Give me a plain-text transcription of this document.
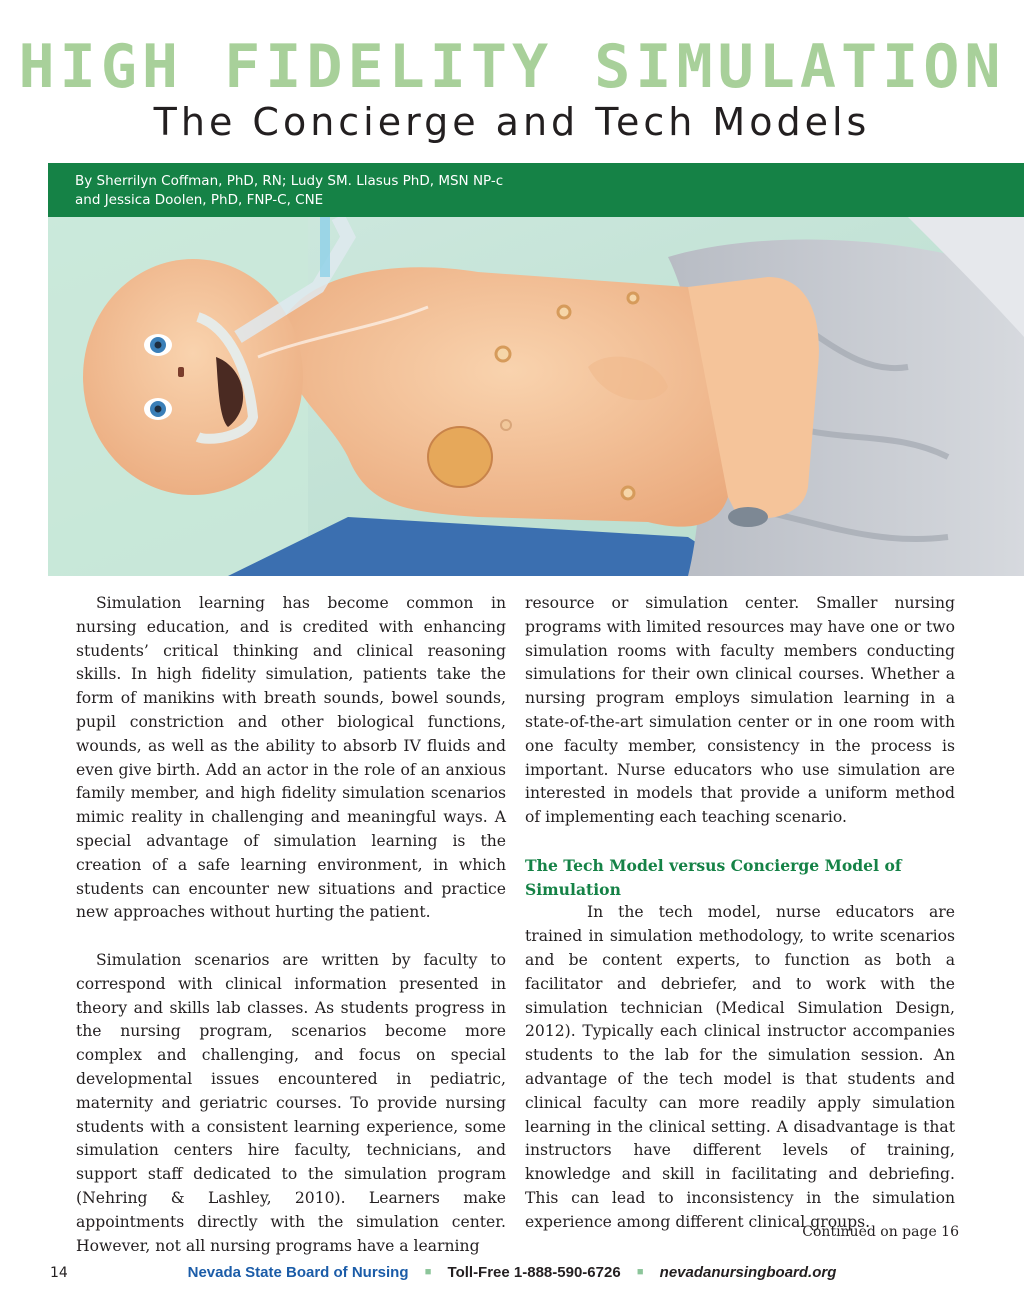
HIGH FIDELITY SIMULATION
The Concierge and Tech Models
By Sherrilyn Coffman, PhD, RN; Ludy SM. Llasus PhD, MSN NP-c
and Jessica Doolen, PhD, FNP-C, CNE

Simulation learning has become common in nursing education, and is credited with enhancing students’ critical thinking and clinical reasoning skills. In high fidelity simulation, patients take the form of manikins with breath sounds, bowel sounds, pupil constriction and other biological functions, wounds, as well as the ability to absorb IV fluids and even give birth. Add an actor in the role of an anxious family member, and high fidelity simulation scenarios mimic reality in challenging and meaningful ways. A special advantage of simulation learning is the creation of a safe learning environment, in which students can encounter new situations and practice new approaches without hurting the patient.

Simulation scenarios are written by faculty to correspond with clinical information presented in theory and skills lab classes. As students progress in the nursing program, scenarios become more complex and challenging, and focus on special developmental issues encountered in pediatric, maternity and geriatric courses. To provide nursing students with a consistent learning experience, some simulation centers hire faculty, technicians, and support staff dedicated to the simulation program (Nehring & Lashley, 2010). Learners make appointments directly with the simulation center. However, not all nursing programs have a learning

resource or simulation center. Smaller nursing programs with limited resources may have one or two simulation rooms with faculty members conducting simulations for their own clinical courses. Whether a nursing program employs simulation learning in a state-of-the-art simulation center or in one room with one faculty member, consistency in the process is important. Nurse educators who use simulation are interested in models that provide a uniform method of implementing each teaching scenario.

The Tech Model versus Concierge Model of Simulation

In the tech model, nurse educators are trained in simulation methodology, to write scenarios and be content experts, to function as both a facilitator and debriefer, and to work with the simulation technician (Medical Simulation Design, 2012). Typically each clinical instructor accompanies students to the lab for the simulation session. An advantage of the tech model is that students and clinical faculty can more readily apply simulation learning in the clinical setting. A disadvantage is that instructors have different levels of training, knowledge and skill in facilitating and debriefing. This can lead to inconsistency in the simulation experience among different clinical groups.

Continued on page 16
14	Nevada State Board of Nursing ■ Toll-Free 1-888-590-6726 ■ nevadanursingboard.org
